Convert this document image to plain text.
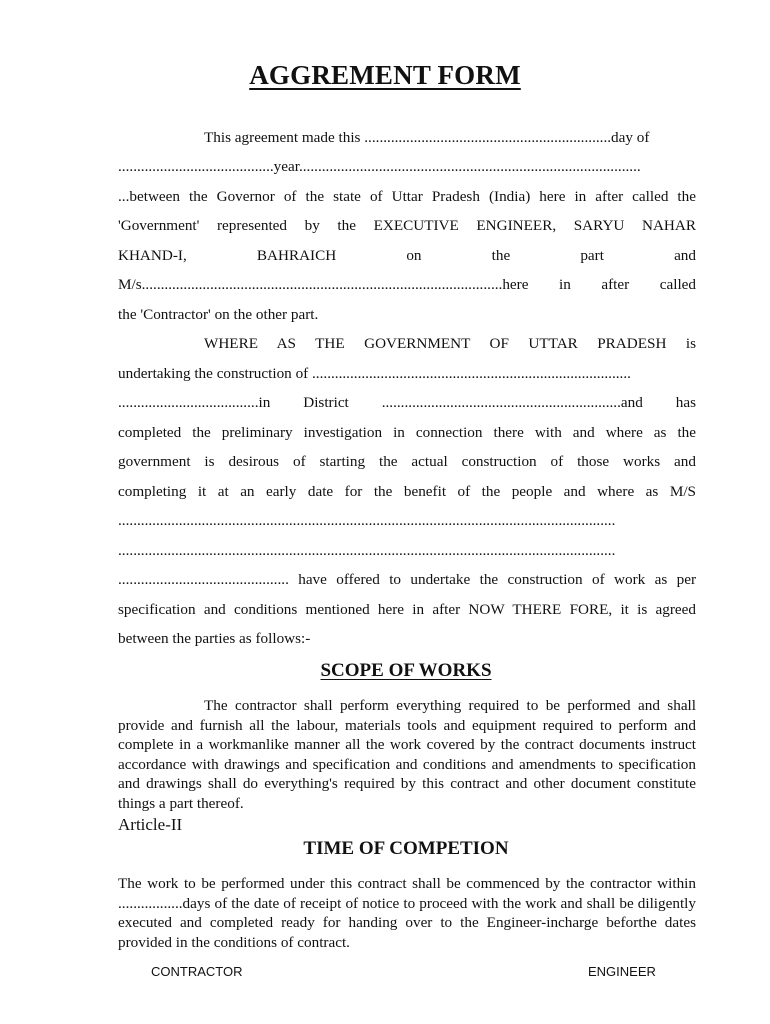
AGGREMENT FORM

This agreement made this .................................................................day of

.........................................year..........................................................................................

...between the Governor of the state of Uttar Pradesh (India) here in after called the

'Government' represented by the EXECUTIVE ENGINEER, SARYU NAHAR

KHAND-I, BAHRAICH on the part and

M/s...............................................................................................here in after called

the 'Contractor' on the other part.

WHERE AS THE GOVERNMENT OF UTTAR PRADESH is

undertaking the construction of ....................................................................................

.....................................in District ...............................................................and has

completed the preliminary investigation in connection there with and where as the

government is desirous of starting the actual construction of those works and

completing it at an early date for the benefit of the people and where as M/S

...................................................................................................................................

...................................................................................................................................

............................................. have offered to undertake the construction of work as per

specification and conditions mentioned here in after NOW THERE FORE, it is agreed

between the parties as follows:-

SCOPE OF WORKS

The contractor shall perform everything required to be performed and shall provide and furnish all the labour, materials tools and equipment required to perform and complete in a workmanlike manner all the work covered by the contract documents instruct accordance with drawings and specification and conditions and amendments to specification and drawings shall do everything's required by this contract and other document constitute things a part thereof.

Article-II

TIME OF COMPETION

The work to be performed under this contract shall be commenced by the contractor within .................days of the date of receipt of notice to proceed with the work and shall be diligently executed and completed ready for handing over to the Engineer-incharge beforthe dates provided in the conditions of contract.

CONTRACTOR	ENGINEER
